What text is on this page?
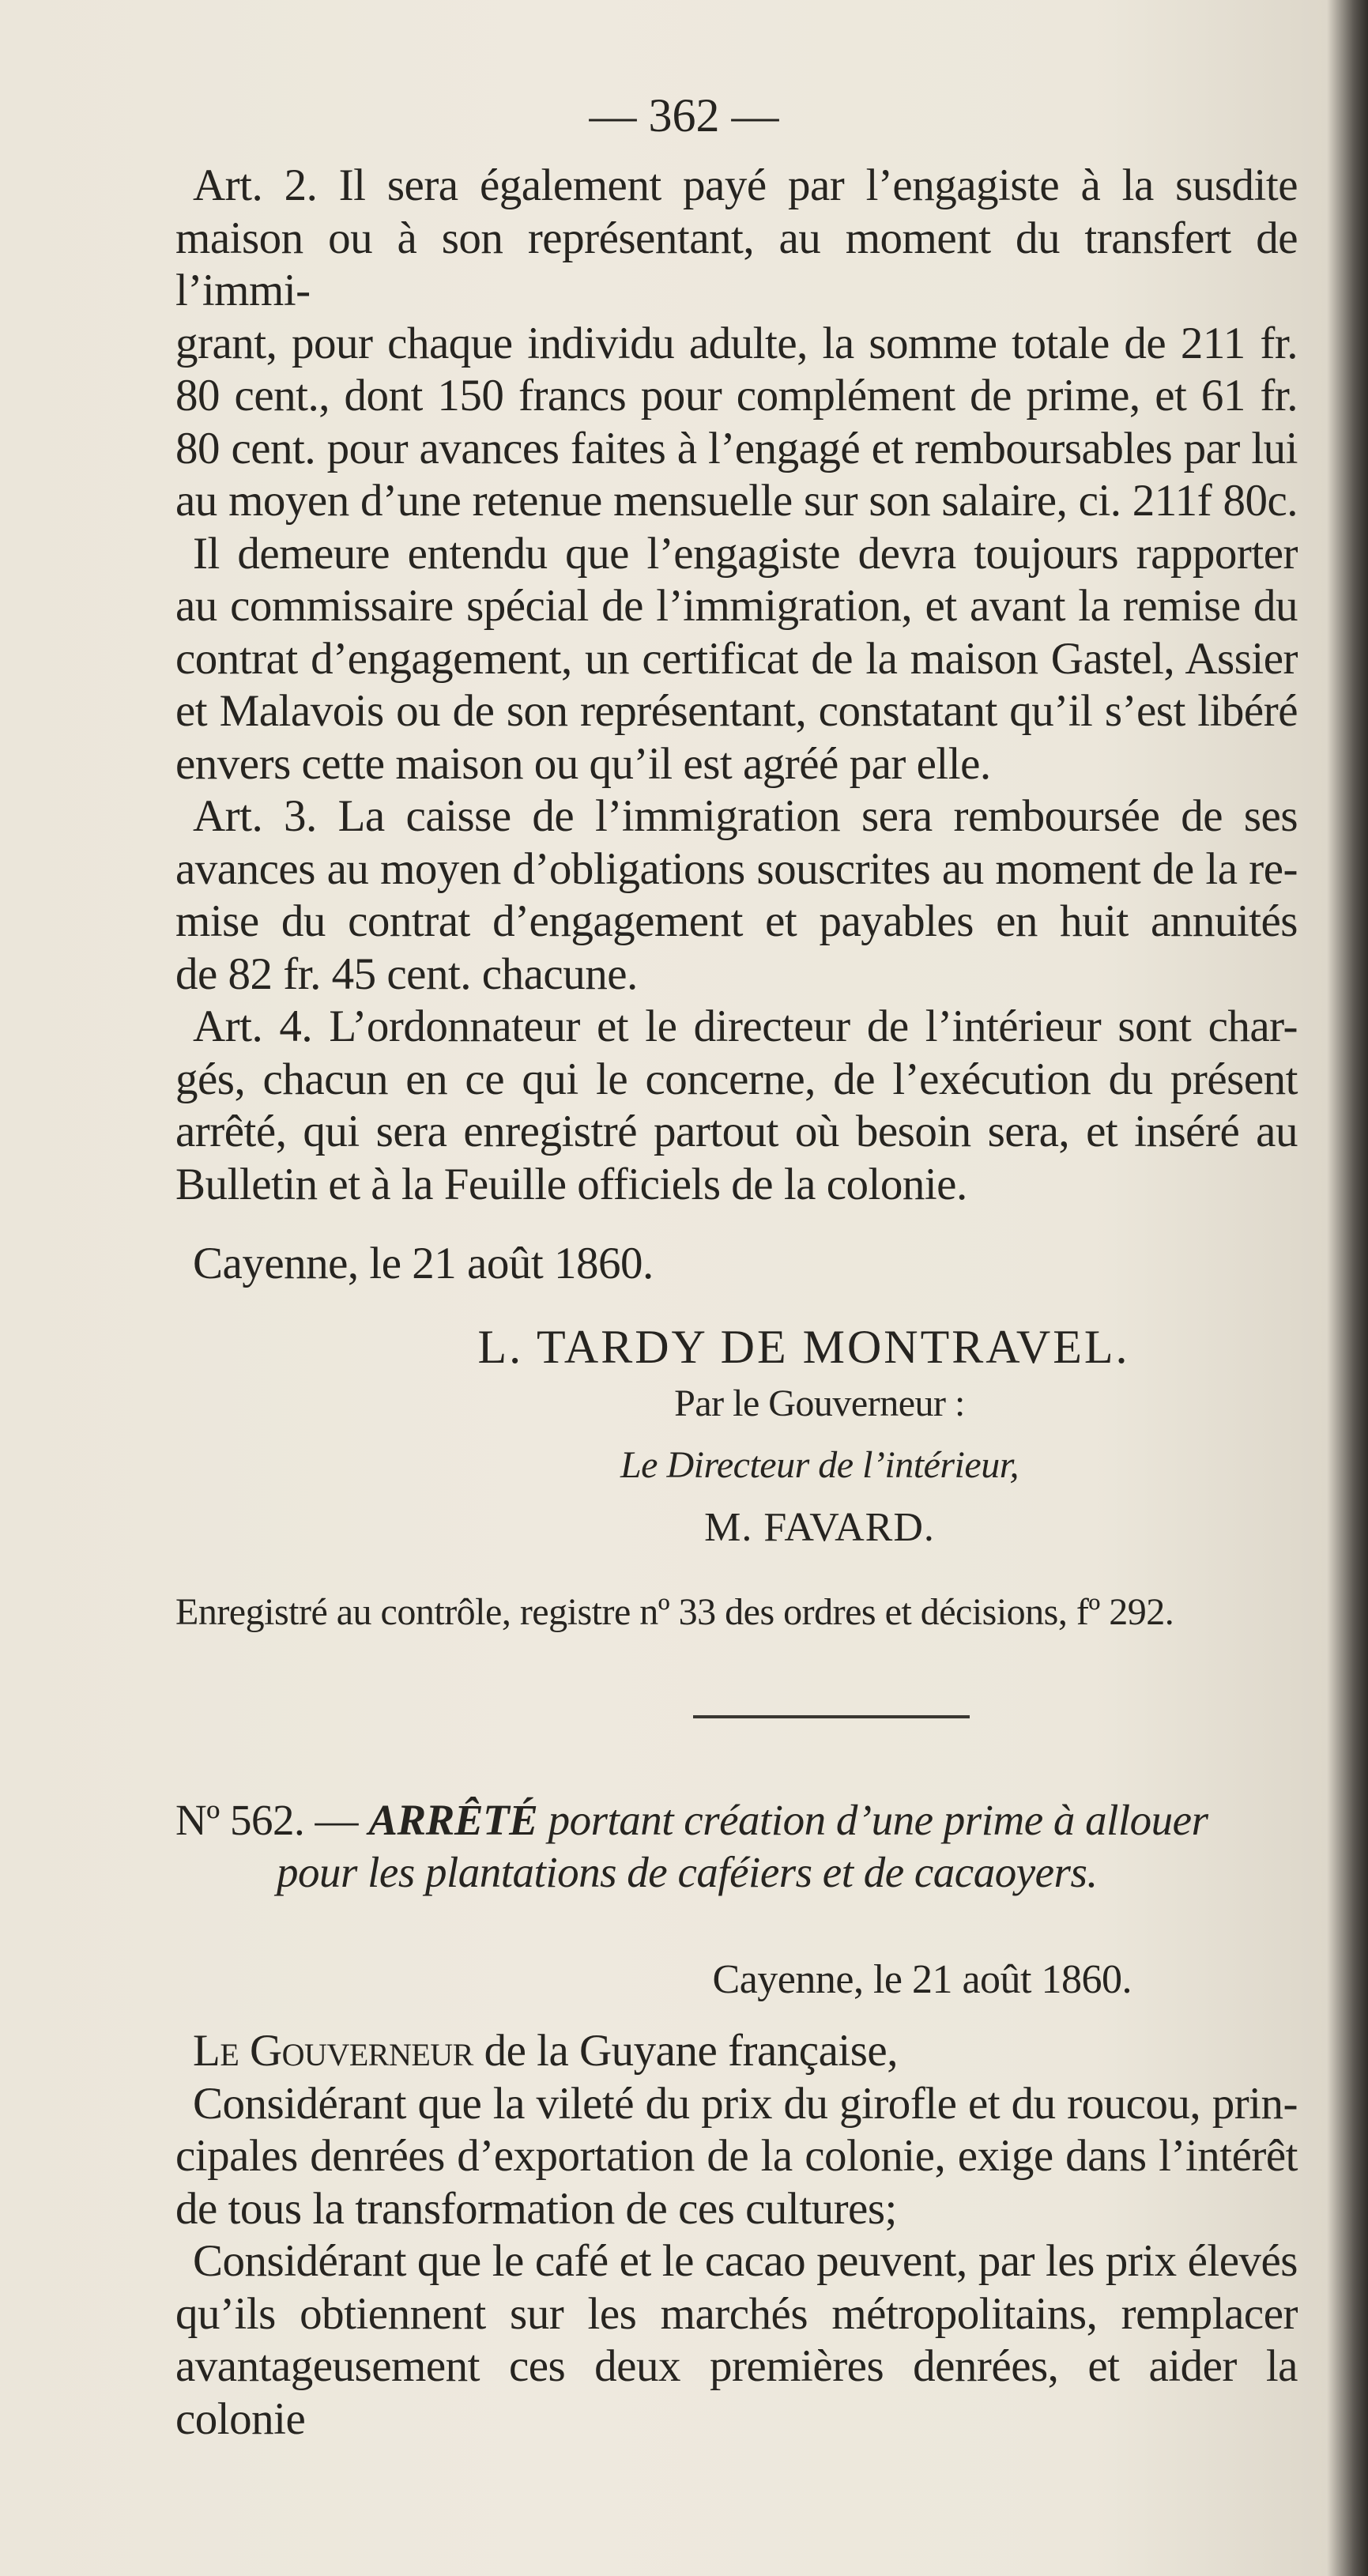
— 362 —

Art. 2. Il sera également payé par l’engagiste à la susdite

maison ou à son représentant, au moment du transfert de l’immi-

grant, pour chaque individu adulte, la somme totale de 211 fr.

80 cent., dont 150 francs pour complément de prime, et 61 fr.

80 cent. pour avances faites à l’engagé et remboursables par lui

au moyen d’une retenue mensuelle sur son salaire, ci. 211f 80c.

Il demeure entendu que l’engagiste devra toujours rapporter

au commissaire spécial de l’immigration, et avant la remise du

contrat d’engagement, un certificat de la maison Gastel, Assier

et Malavois ou de son représentant, constatant qu’il s’est libéré

envers cette maison ou qu’il est agréé par elle.

Art. 3. La caisse de l’immigration sera remboursée de ses

avances au moyen d’obligations souscrites au moment de la re-

mise du contrat d’engagement et payables en huit annuités

de 82 fr. 45 cent. chacune.

Art. 4. L’ordonnateur et le directeur de l’intérieur sont char-

gés, chacun en ce qui le concerne, de l’exécution du présent

arrêté, qui sera enregistré partout où besoin sera, et inséré au

Bulletin et à la Feuille officiels de la colonie.

Cayenne, le 21 août 1860.

L. TARDY DE MONTRAVEL.

Par le Gouverneur :

Le Directeur de l’intérieur,

M. FAVARD.

Enregistré au contrôle, registre nº 33 des ordres et décisions, fº 292.

Nº 562. — ARRÊTÉ portant création d’une prime à allouer

pour les plantations de caféiers et de cacaoyers.

Cayenne, le 21 août 1860.

Le Gouverneur de la Guyane française,

Considérant que la vileté du prix du girofle et du roucou, prin-

cipales denrées d’exportation de la colonie, exige dans l’intérêt

de tous la transformation de ces cultures;

Considérant que le café et le cacao peuvent, par les prix élevés

qu’ils obtiennent sur les marchés métropolitains, remplacer

avantageusement ces deux premières denrées, et aider la colonie
